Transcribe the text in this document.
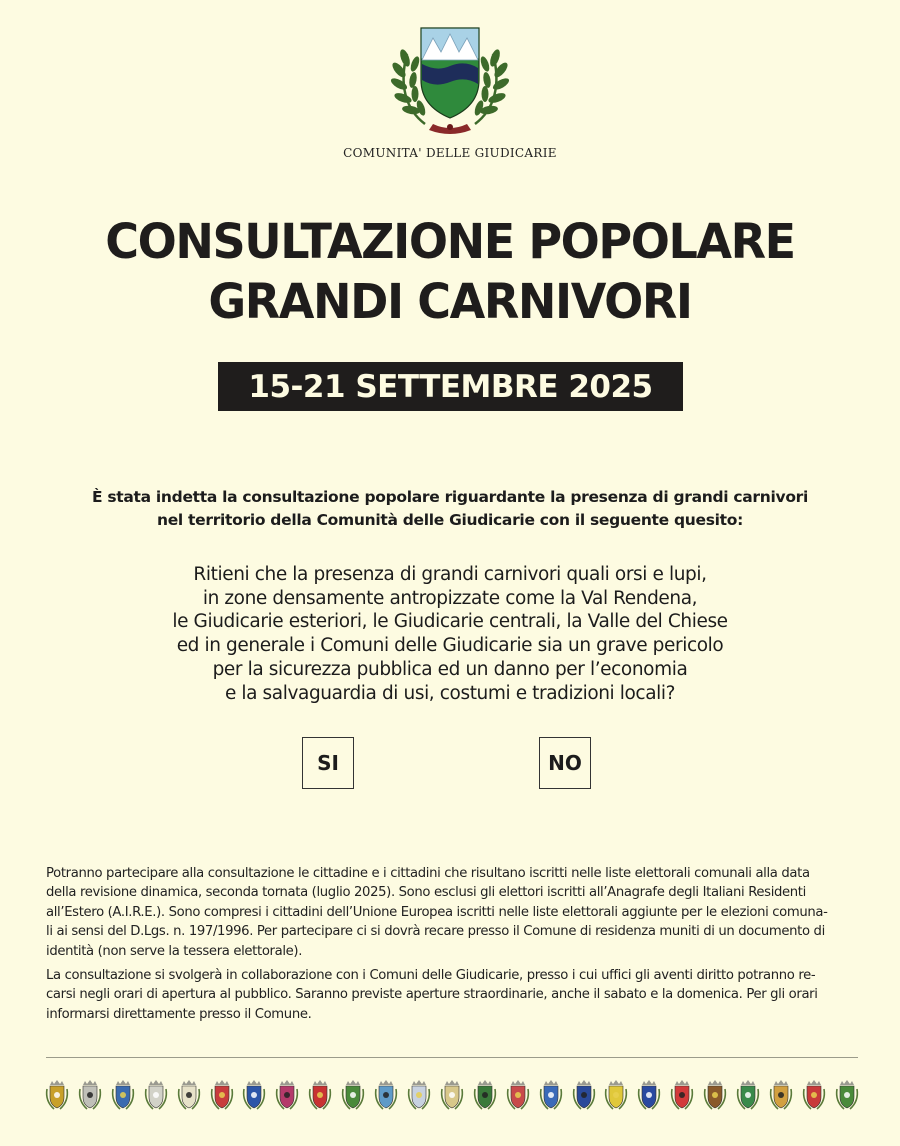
COMUNITA' DELLE GIUDICARIE
CONSULTAZIONE POPOLARE
GRANDI CARNIVORI
15-21 SETTEMBRE 2025
È stata indetta la consultazione popolare riguardante la presenza di grandi carnivori
nel territorio della Comunità delle Giudicarie con il seguente quesito:
Ritieni che la presenza di grandi carnivori quali orsi e lupi,
in zone densamente antropizzate come la Val Rendena,
le Giudicarie esteriori, le Giudicarie centrali, la Valle del Chiese
ed in generale i Comuni delle Giudicarie sia un grave pericolo
per la sicurezza pubblica ed un danno per l’economia
e la salvaguardia di usi, costumi e tradizioni locali?
SI	NO
Potranno partecipare alla consultazione le cittadine e i cittadini che risultano iscritti nelle liste elettorali comunali alla data
della revisione dinamica, seconda tornata (luglio 2025). Sono esclusi gli elettori iscritti all’Anagrafe degli Italiani Residenti
all’Estero (A.I.R.E.). Sono compresi i cittadini dell’Unione Europea iscritti nelle liste elettorali aggiunte per le elezioni comuna-
li ai sensi del D.Lgs. n. 197/1996. Per partecipare ci si dovrà recare presso il Comune di residenza muniti di un documento di
identità (non serve la tessera elettorale).
La consultazione si svolgerà in collaborazione con i Comuni delle Giudicarie, presso i cui uffici gli aventi diritto potranno re-
carsi negli orari di apertura al pubblico. Saranno previste aperture straordinarie, anche il sabato e la domenica. Per gli orari
informarsi direttamente presso il Comune.
